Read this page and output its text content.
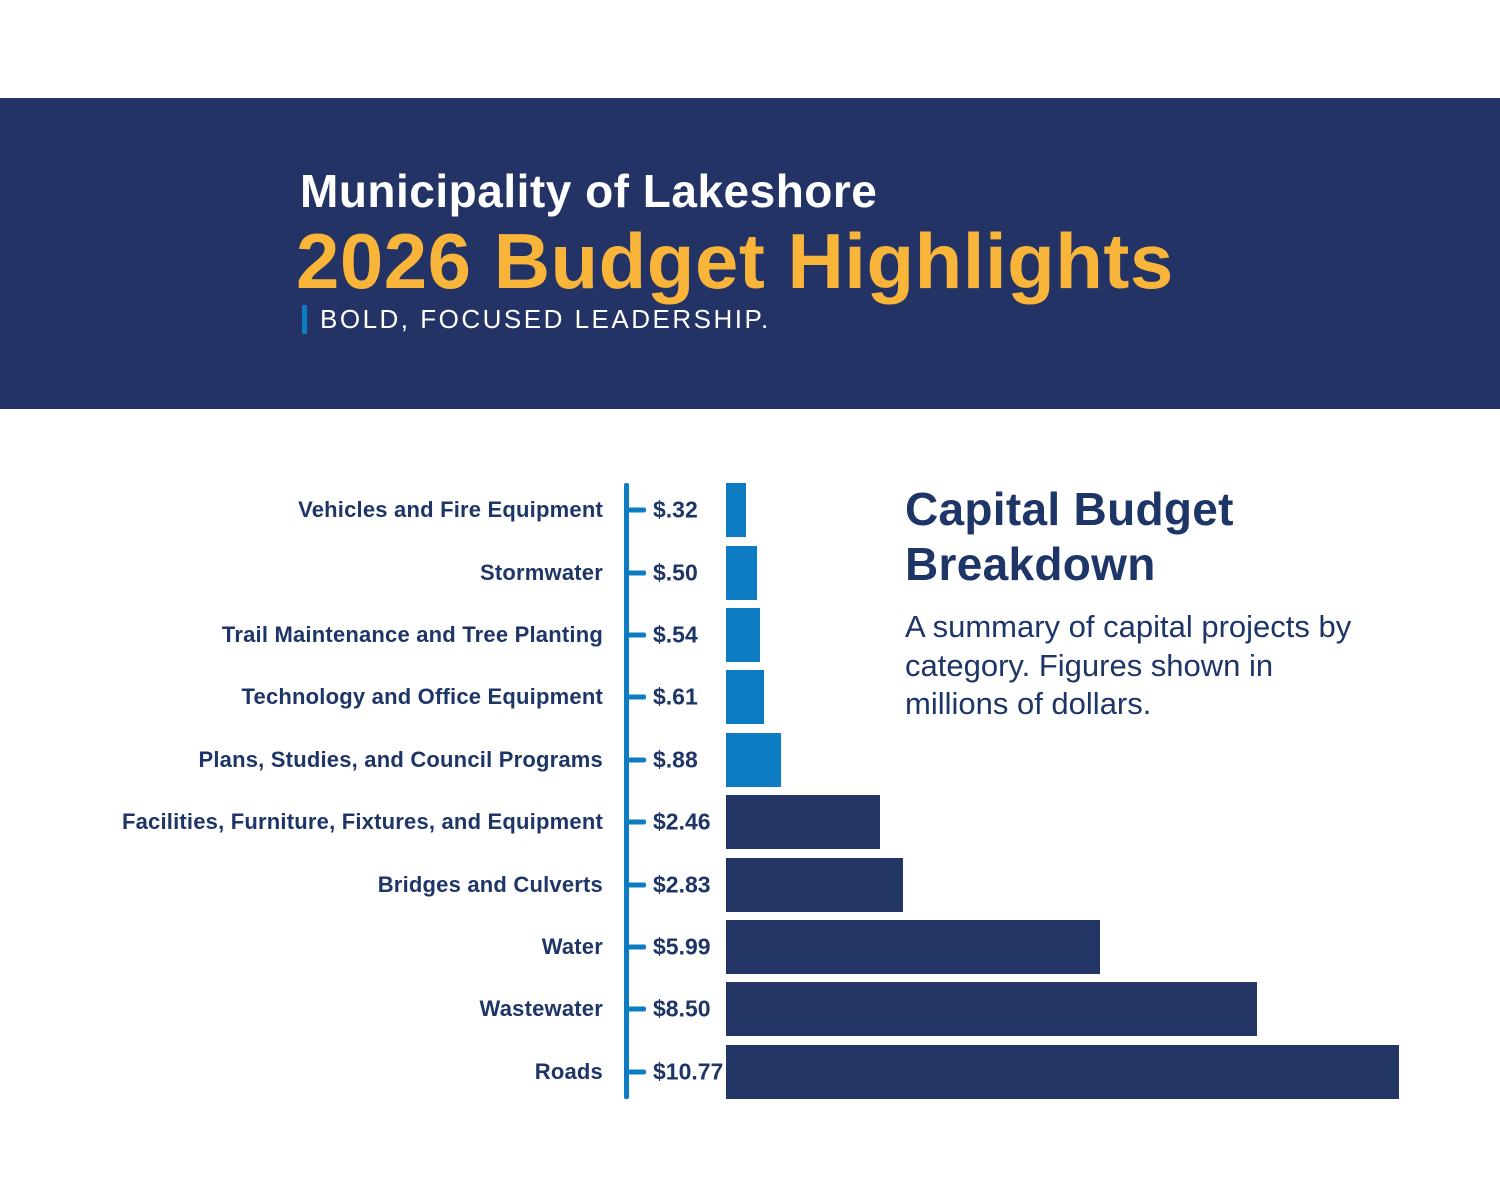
Municipality of Lakeshore
2026 Budget Highlights
BOLD, FOCUSED LEADERSHIP.
Vehicles and Fire Equipment $.32
Stormwater $.50
Trail Maintenance and Tree Planting $.54
Technology and Office Equipment $.61
Plans, Studies, and Council Programs $.88
Facilities, Furniture, Fixtures, and Equipment $2.46
Bridges and Culverts $2.83
Water $5.99
Wastewater $8.50
Roads $10.77
Capital Budget Breakdown
A summary of capital projects by category. Figures shown in millions of dollars.
